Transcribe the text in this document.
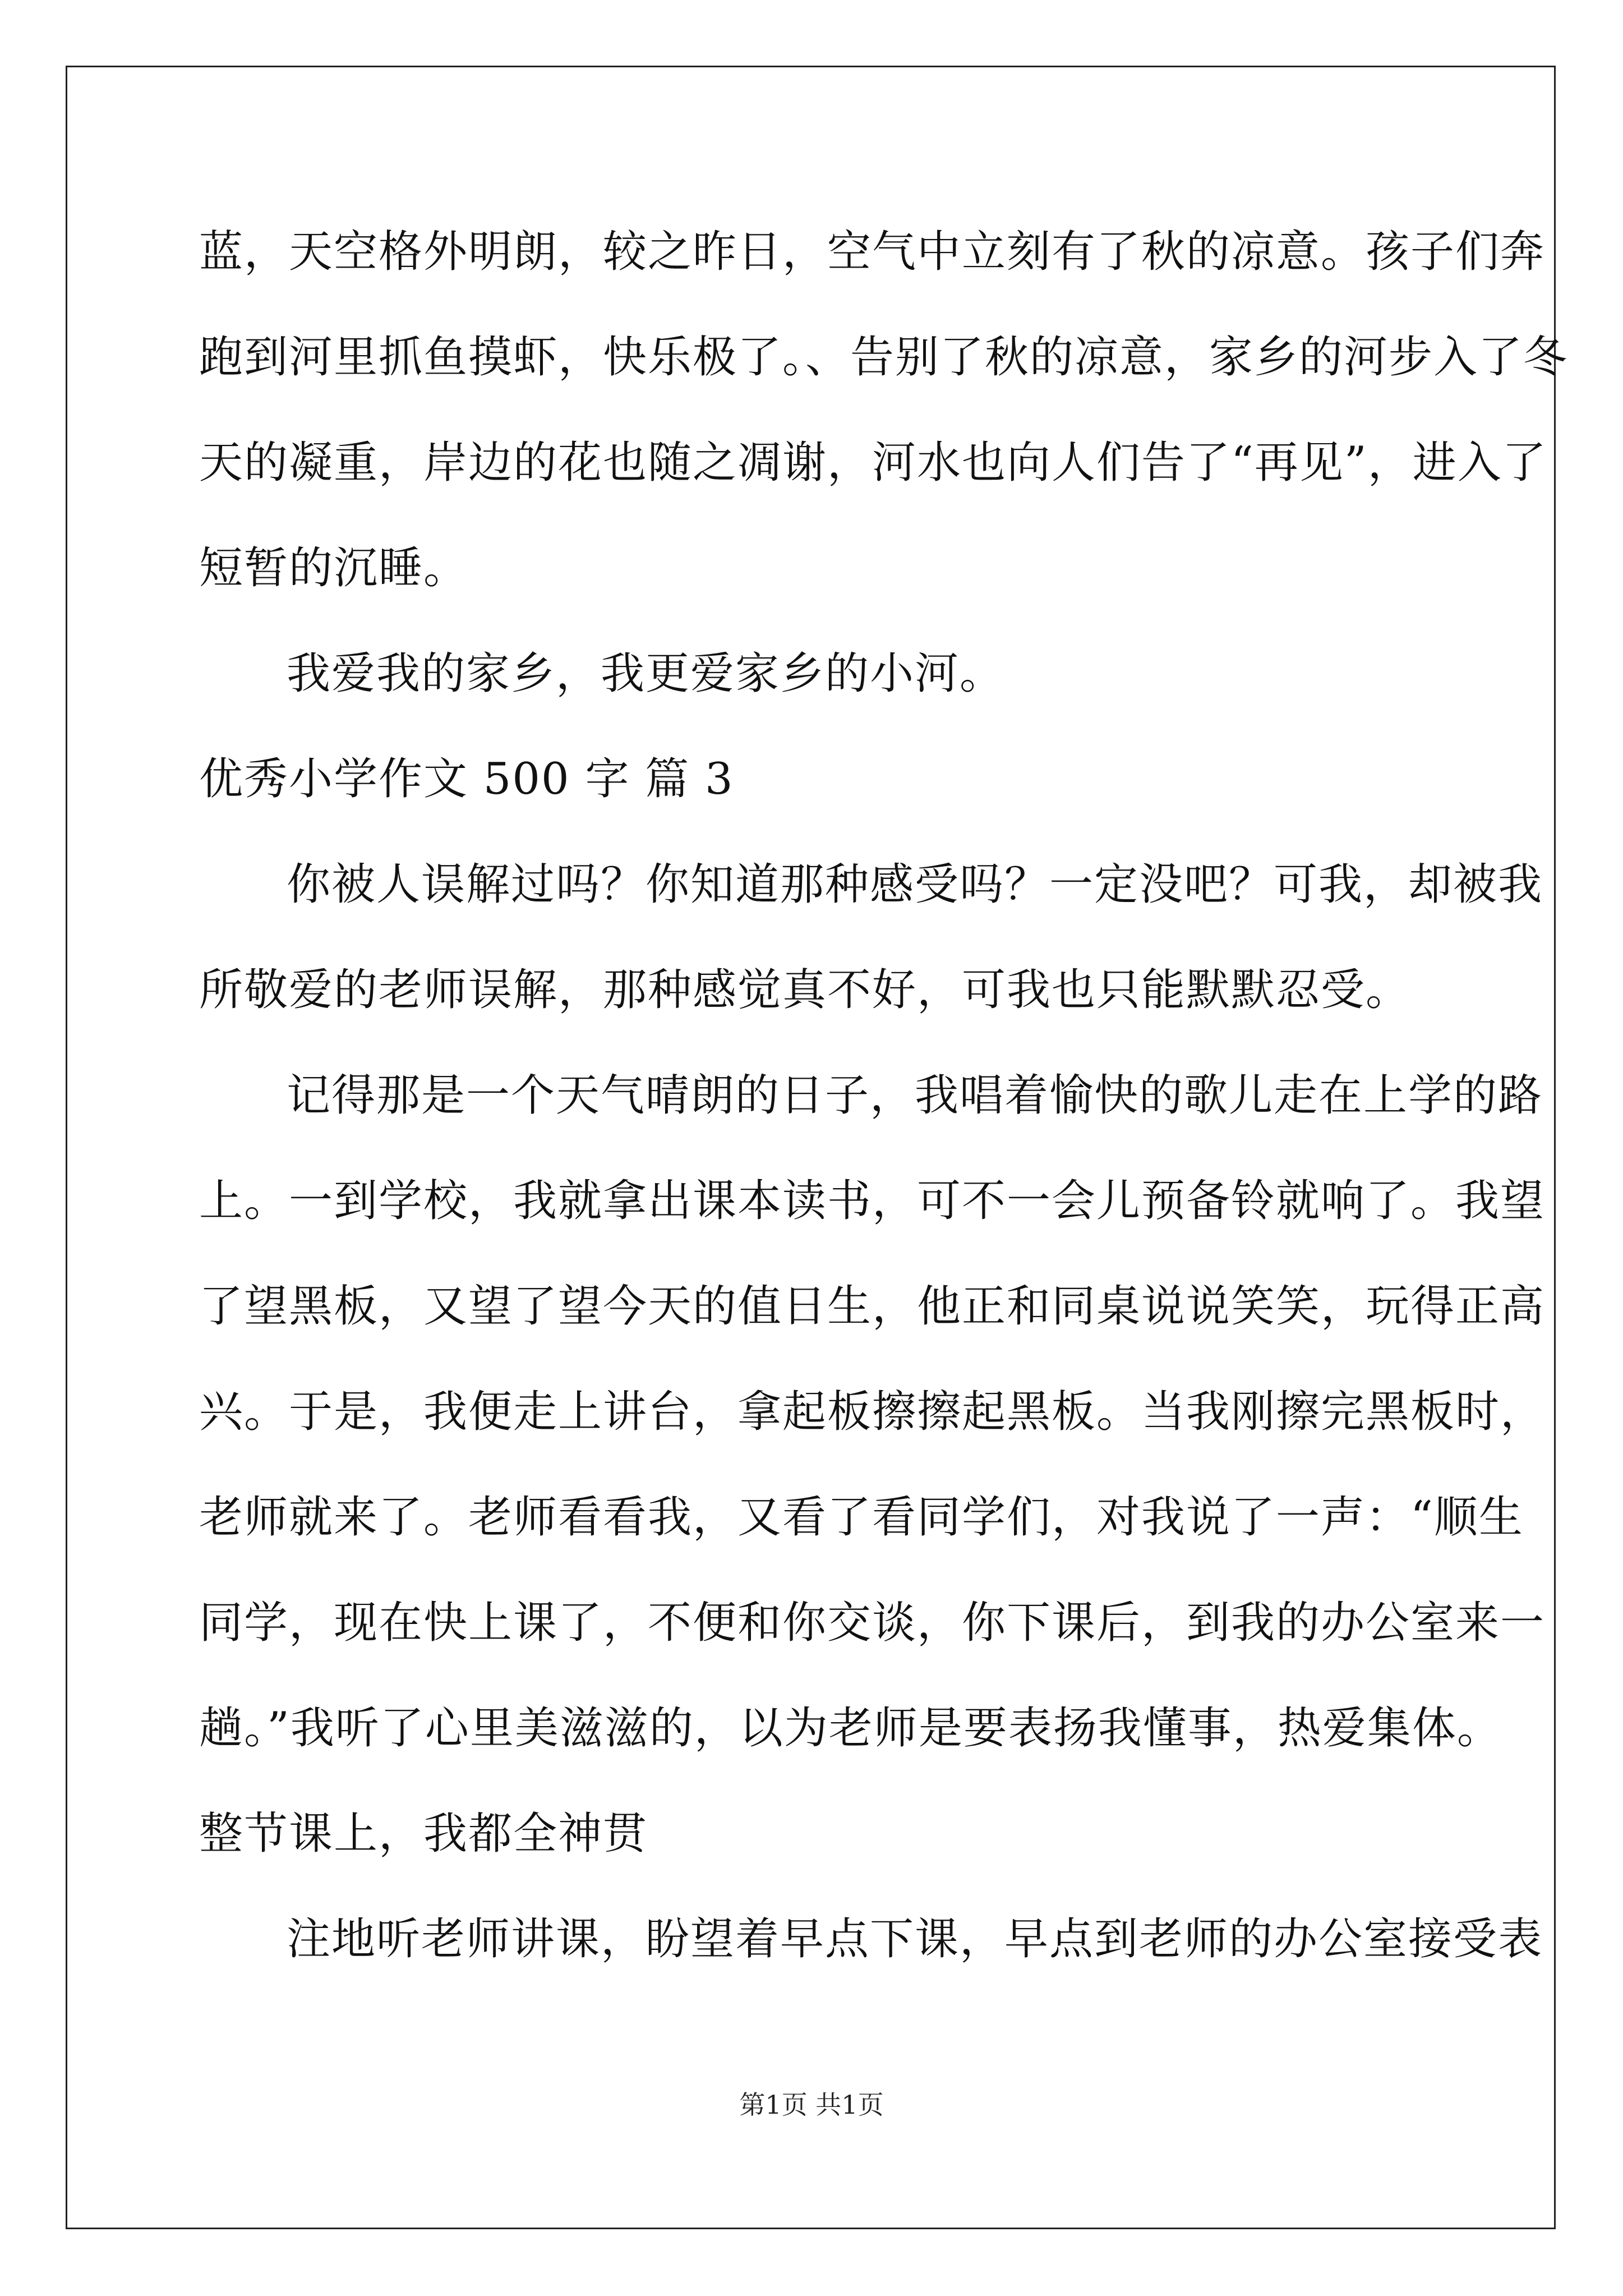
蓝，天空格外明朗，较之昨日，空气中立刻有了秋的凉意。孩子们奔
跑到河里抓鱼摸虾，快乐极了。、告别了秋的凉意，家乡的河步入了冬
天的凝重，岸边的花也随之凋谢，河水也向人们告了“再见”，进入了
短暂的沉睡。
我爱我的家乡，我更爱家乡的小河。
优秀小学作文 500 字 篇 3
你被人误解过吗？你知道那种感受吗？一定没吧？可我，却被我
所敬爱的老师误解，那种感觉真不好，可我也只能默默忍受。
记得那是一个天气晴朗的日子，我唱着愉快的歌儿走在上学的路
上。一到学校，我就拿出课本读书，可不一会儿预备铃就响了。我望
了望黑板，又望了望今天的值日生，他正和同桌说说笑笑，玩得正高
兴。于是，我便走上讲台，拿起板擦擦起黑板。当我刚擦完黑板时，
老师就来了。老师看看我，又看了看同学们，对我说了一声：“顺生
同学，现在快上课了，不便和你交谈，你下课后，到我的办公室来一
趟。”我听了心里美滋滋的，以为老师是要表扬我懂事，热爱集体。
整节课上，我都全神贯
注地听老师讲课，盼望着早点下课，早点到老师的办公室接受表
第1页 共1页
